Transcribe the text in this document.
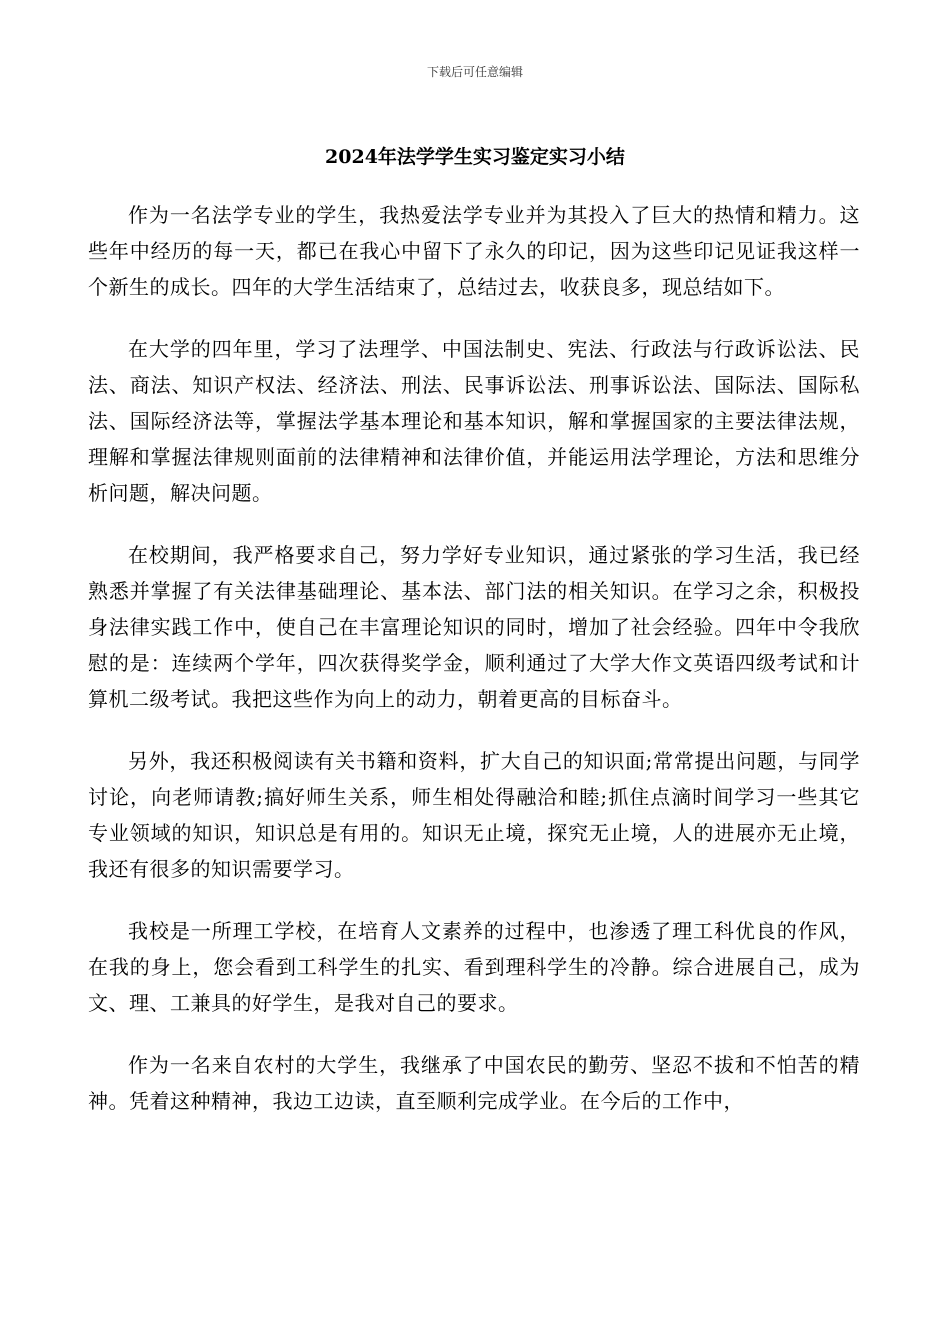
下载后可任意编辑
2024年法学学生实习鉴定实习小结

作为一名法学专业的学生，我热爱法学专业并为其投入了巨大的热情和精力。这些年中经历的每一天，都已在我心中留下了永久的印记，因为这些印记见证我这样一个新生的成长。四年的大学生活结束了，总结过去，收获良多，现总结如下。

在大学的四年里，学习了法理学、中国法制史、宪法、行政法与行政诉讼法、民法、商法、知识产权法、经济法、刑法、民事诉讼法、刑事诉讼法、国际法、国际私法、国际经济法等，掌握法学基本理论和基本知识，解和掌握国家的主要法律法规，理解和掌握法律规则面前的法律精神和法律价值，并能运用法学理论，方法和思维分析问题，解决问题。

在校期间，我严格要求自己，努力学好专业知识，通过紧张的学习生活，我已经熟悉并掌握了有关法律基础理论、基本法、部门法的相关知识。在学习之余，积极投身法律实践工作中，使自己在丰富理论知识的同时，增加了社会经验。四年中令我欣慰的是：连续两个学年，四次获得奖学金，顺利通过了大学大作文英语四级考试和计算机二级考试。我把这些作为向上的动力，朝着更高的目标奋斗。

另外，我还积极阅读有关书籍和资料，扩大自己的知识面;常常提出问题，与同学讨论，向老师请教;搞好师生关系，师生相处得融洽和睦;抓住点滴时间学习一些其它专业领域的知识，知识总是有用的。知识无止境，探究无止境，人的进展亦无止境，我还有很多的知识需要学习。

我校是一所理工学校，在培育人文素养的过程中，也渗透了理工科优良的作风，在我的身上，您会看到工科学生的扎实、看到理科学生的冷静。综合进展自己，成为文、理、工兼具的好学生，是我对自己的要求。

作为一名来自农村的大学生，我继承了中国农民的勤劳、坚忍不拔和不怕苦的精神。凭着这种精神，我边工边读，直至顺利完成学业。在今后的工作中，
